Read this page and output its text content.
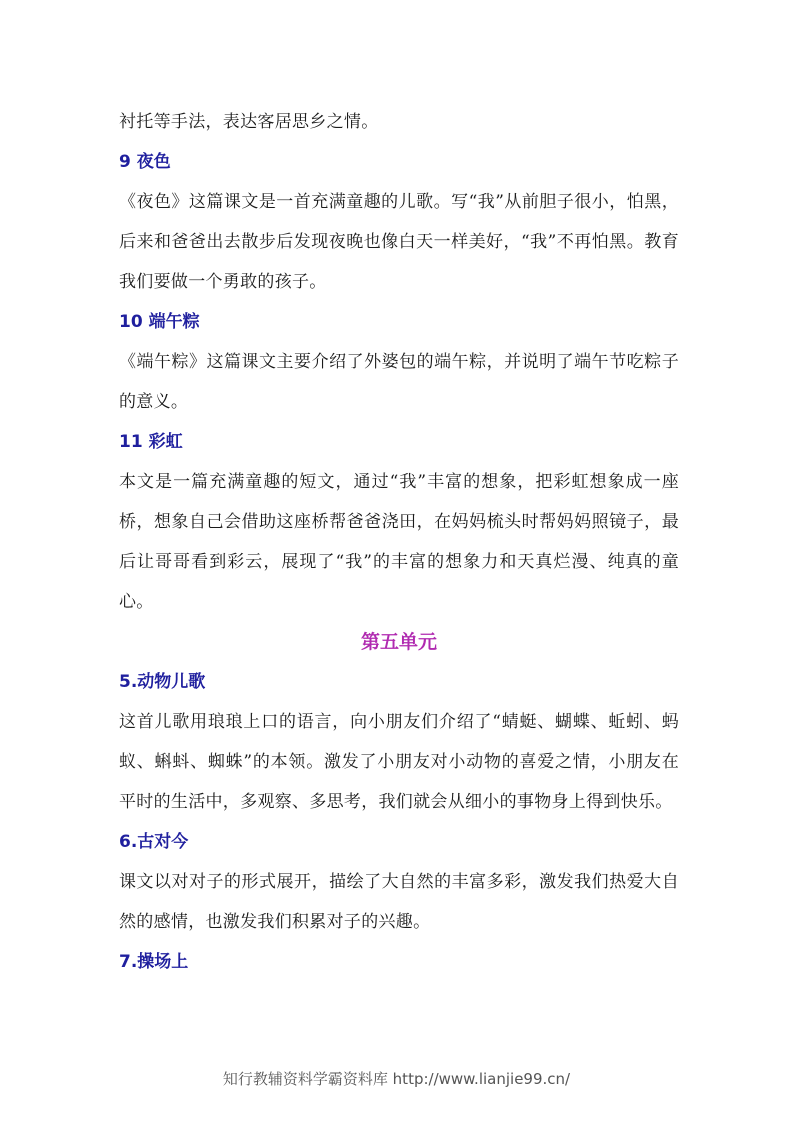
衬托等手法，表达客居思乡之情。

9 夜色

《夜色》这篇课文是一首充满童趣的儿歌。写“我”从前胆子很小，怕黑，后来和爸爸出去散步后发现夜晚也像白天一样美好，“我”不再怕黑。教育我们要做一个勇敢的孩子。

10 端午粽

《端午粽》这篇课文主要介绍了外婆包的端午粽，并说明了端午节吃粽子的意义。

11 彩虹

本文是一篇充满童趣的短文，通过“我”丰富的想象，把彩虹想象成一座桥，想象自己会借助这座桥帮爸爸浇田，在妈妈梳头时帮妈妈照镜子，最后让哥哥看到彩云，展现了“我”的丰富的想象力和天真烂漫、纯真的童心。

第五单元

5.动物儿歌

这首儿歌用琅琅上口的语言，向小朋友们介绍了“蜻蜓、蝴蝶、蚯蚓、蚂蚁、蝌蚪、蜘蛛”的本领。激发了小朋友对小动物的喜爱之情，小朋友在平时的生活中，多观察、多思考，我们就会从细小的事物身上得到快乐。

6.古对今

课文以对对子的形式展开，描绘了大自然的丰富多彩，激发我们热爱大自然的感情，也激发我们积累对子的兴趣。

7.操场上

知行教辅资料学霸资料库 http://www.lianjie99.cn/
